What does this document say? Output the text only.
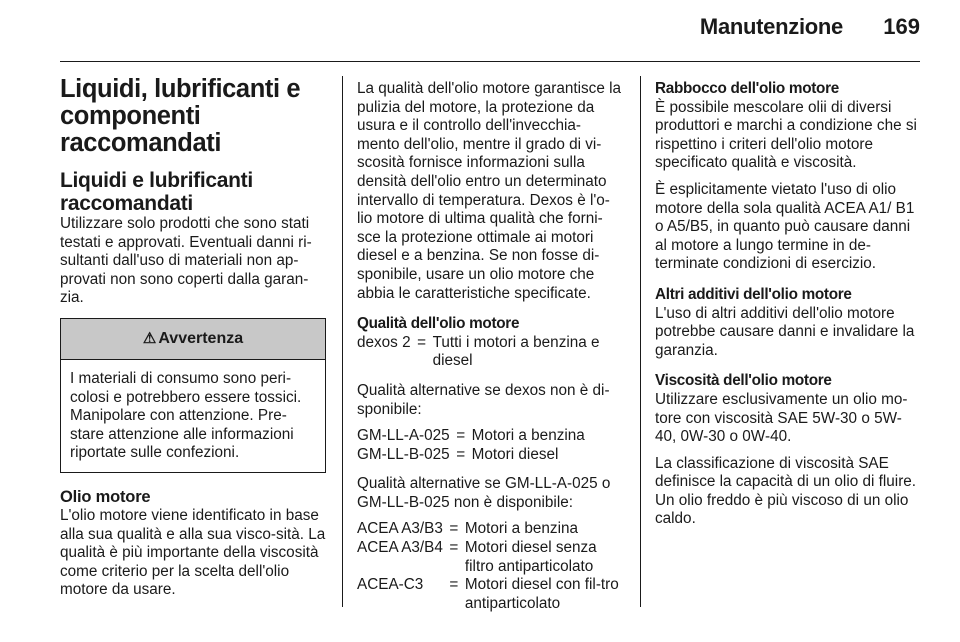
Manutenzione 169
Liquidi, lubrificanti e componenti raccomandati
Liquidi e lubrificanti raccomandati

Utilizzare solo prodotti che sono stati testati e approvati. Eventuali danni ri-sultanti dall'uso di materiali non ap-provati non sono coperti dalla garan-zia.

⚠ Avvertenza
I materiali di consumo sono peri-colosi e potrebbero essere tossici. Manipolare con attenzione. Pre-stare attenzione alle informazioni riportate sulle confezioni.
Olio motore

L'olio motore viene identificato in base alla sua qualità e alla sua visco-sità. La qualità è più importante della viscosità come criterio per la scelta dell'olio motore da usare.

La qualità dell'olio motore garantisce la pulizia del motore, la protezione da usura e il controllo dell'invecchia-mento dell'olio, mentre il grado di vi-scosità fornisce informazioni sulla densità dell'olio entro un determinato intervallo di temperatura. Dexos è l'o-lio motore di ultima qualità che forni-sce la protezione ottimale ai motori diesel e a benzina. Se non fosse di-sponibile, usare un olio motore che abbia le caratteristiche specificate.

Qualità dell'olio motore
dexos 2 = Tutti i motori a benzina e diesel

Qualità alternative se dexos non è di-sponibile:

GM-LL-A-025 = Motori a benzina
GM-LL-B-025 = Motori diesel

Qualità alternative se GM-LL-A-025 o GM-LL-B-025 non è disponibile:

ACEA A3/B3 = Motori a benzina
ACEA A3/B4 = Motori diesel senza filtro antiparticolato
ACEA-C3	= Motori diesel con fil-tro antiparticolato
Rabbocco dell'olio motore

È possibile mescolare olii di diversi produttori e marchi a condizione che si rispettino i criteri dell'olio motore specificato qualità e viscosità.

È esplicitamente vietato l'uso di olio motore della sola qualità ACEA A1/ B1 o A5/B5, in quanto può causare danni al motore a lungo termine in de-terminate condizioni di esercizio.

Altri additivi dell'olio motore

L'uso di altri additivi dell'olio motore potrebbe causare danni e invalidare la garanzia.

Viscosità dell'olio motore

Utilizzare esclusivamente un olio mo-tore con viscosità SAE 5W-30 o 5W-40, 0W-30 o 0W-40.

La classificazione di viscosità SAE definisce la capacità di un olio di fluire. Un olio freddo è più viscoso di un olio caldo.
